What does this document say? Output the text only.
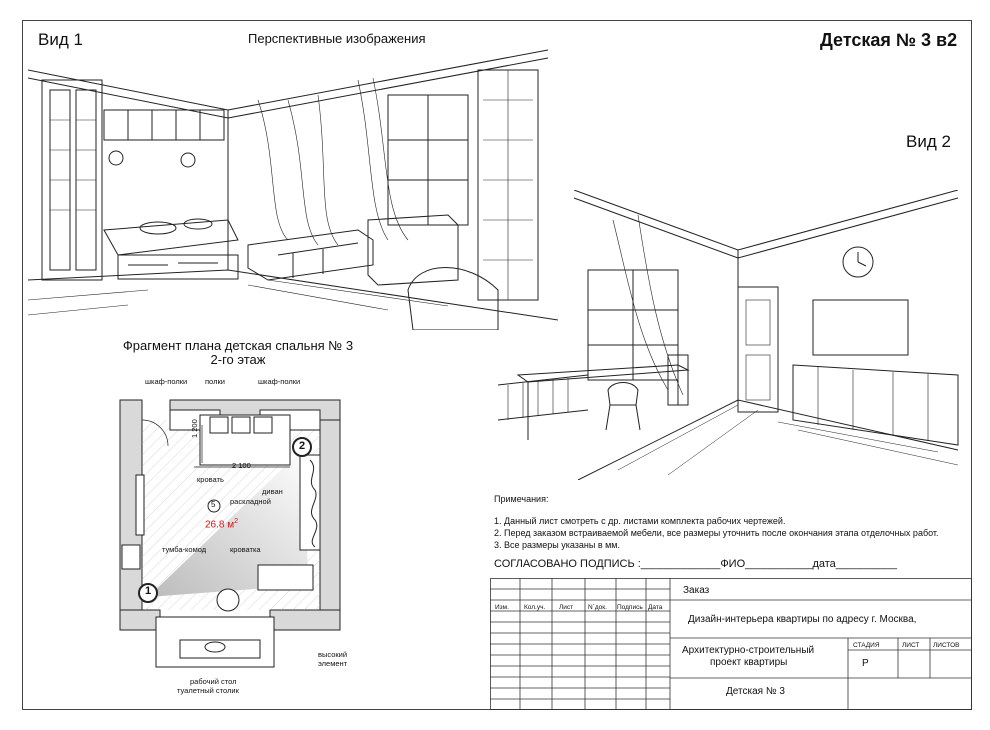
Вид 1	Перспективные изображения	Детская № 3 в2
Вид 2
Фрагмент плана детская спальня № 3
2-го этаж
шкаф-полки полки	шкаф-полки
1 200
2 100
кровать
диван
раскладной
5
26.8 $м^2$
тумба-комод	кроватка
1
2
высокий
элемент
рабочий стол
туалетный столик
Примечания:
1. Данный лист смотреть с др. листами комплекта рабочих чертежей.
2. Перед заказом встраиваемой мебели, все размеры уточнить после окончания этапа отделочных работ.
3. Все размеры указаны в мм.
СОГЛАСОВАНО ПОДПИСЬ :_____________ФИО___________дата__________
Изм. Кол.уч. Лист N`док. Подпись Дата
Заказ
Дизайн-интерьера квартиры по адресу г. Москва,
Архитектурно-строительный
проект квартиры
Детская № 3
СТАДИЯ	ЛИСТ ЛИСТОВ
Р
